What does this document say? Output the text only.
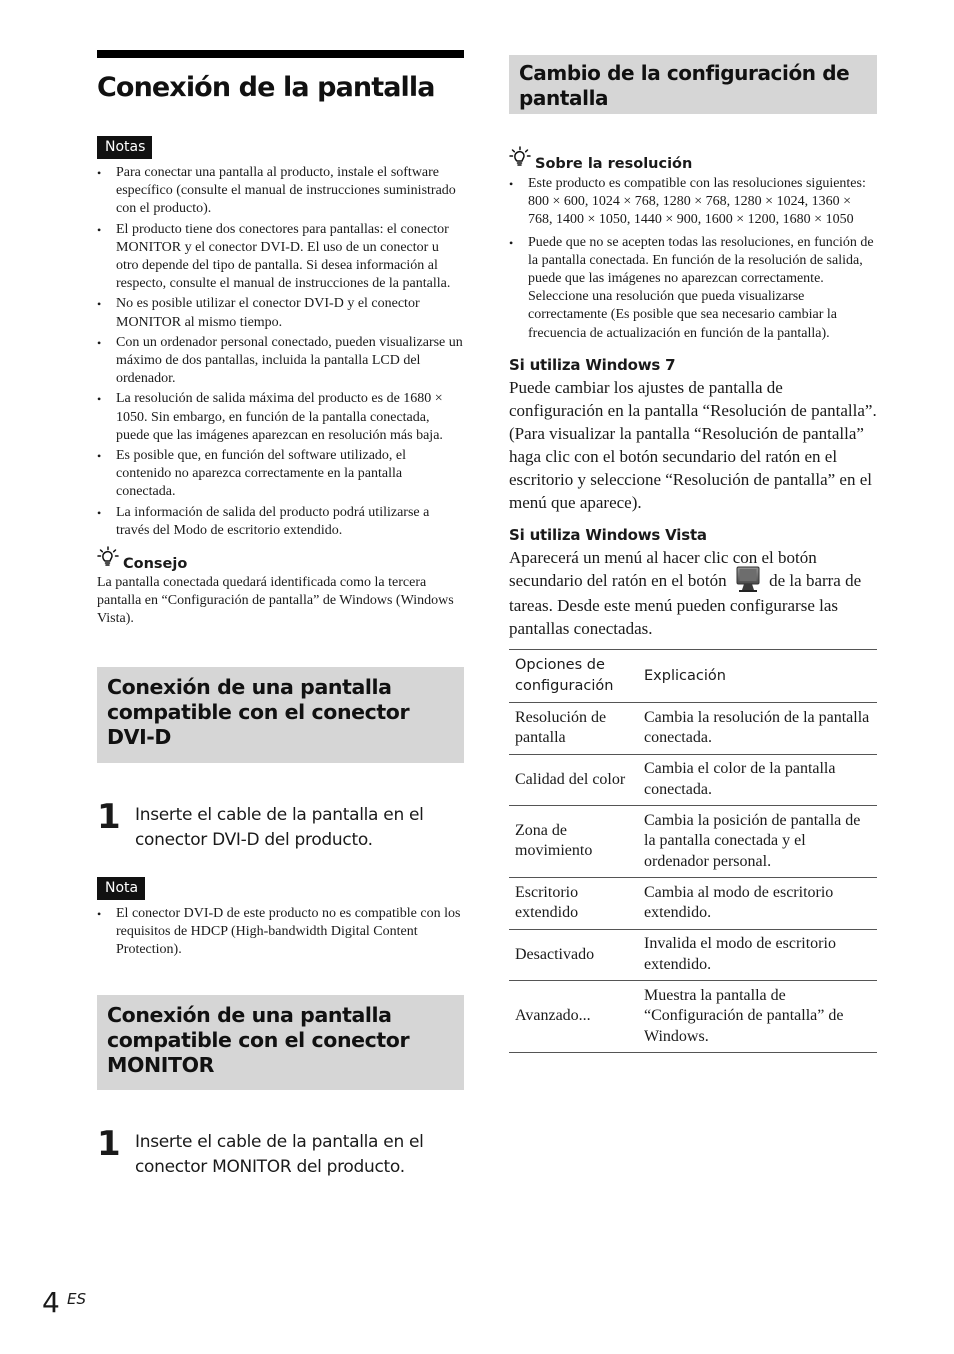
Conexión de la pantalla
Notas
• Para conectar una pantalla al producto, instale el software específico (consulte el manual de instrucciones suministrado con el producto).
• El producto tiene dos conectores para pantallas: el conector MONITOR y el conector DVI-D. El uso de un conector u otro depende del tipo de pantalla. Si desea información al respecto, consulte el manual de instrucciones de la pantalla.
• No es posible utilizar el conector DVI-D y el conector MONITOR al mismo tiempo.
• Con un ordenador personal conectado, pueden visualizarse un máximo de dos pantallas, incluida la pantalla LCD del ordenador.
• La resolución de salida máxima del producto es de 1680 × 1050. Sin embargo, en función de la pantalla conectada, puede que las imágenes aparezcan en resolución más baja.
• Es posible que, en función del software utilizado, el contenido no aparezca correctamente en la pantalla conectada.
• La información de salida del producto podrá utilizarse a través del Modo de escritorio extendido.
Consejo

La pantalla conectada quedará identificada como la tercera pantalla en “Configuración de pantalla” de Windows (Windows Vista).

Conexión de una pantalla compatible con el conector DVI-D
1 Inserte el cable de la pantalla en el conector DVI-D del producto.

Nota
• El conector DVI-D de este producto no es compatible con los requisitos de HDCP (High-bandwidth Digital Content Protection).
Conexión de una pantalla compatible con el conector MONITOR
1 Inserte el cable de la pantalla en el conector MONITOR del producto.

Cambio de la configuración de pantalla
Sobre la resolución
• Este producto es compatible con las resoluciones siguientes:
800 × 600, 1024 × 768, 1280 × 768, 1280 × 1024, 1360 × 768, 1400 × 1050, 1440 × 900, 1600 × 1200, 1680 × 1050
• Puede que no se acepten todas las resoluciones, en función de la pantalla conectada. En función de la resolución de salida, puede que las imágenes no aparezcan correctamente. Seleccione una resolución que pueda visualizarse correctamente (Es posible que sea necesario cambiar la frecuencia de actualización en función de la pantalla).
Si utiliza Windows 7

Puede cambiar los ajustes de pantalla de configuración en la pantalla “Resolución de pantalla”. (Para visualizar la pantalla “Resolución de pantalla” haga clic con el botón secundario del ratón en el escritorio y seleccione “Resolución de pantalla” en el menú que aparece).

Si utiliza Windows Vista

Aparecerá un menú al hacer clic con el botón secundario del ratón en el botón	de la barra de tareas. Desde este menú pueden configurarse las pantallas conectadas.

Opciones de configuración	Explicación
Resolución de pantalla	Cambia la resolución de la pantalla conectada.
Calidad del color	Cambia el color de la pantalla conectada.
Zona de movimiento	Cambia la posición de pantalla de la pantalla conectada y el ordenador personal.
Escritorio extendido	Cambia al modo de escritorio extendido.
Desactivado	Invalida el modo de escritorio extendido.
Avanzado...	Muestra la pantalla de “Configuración de pantalla” de Windows.
4 ES
